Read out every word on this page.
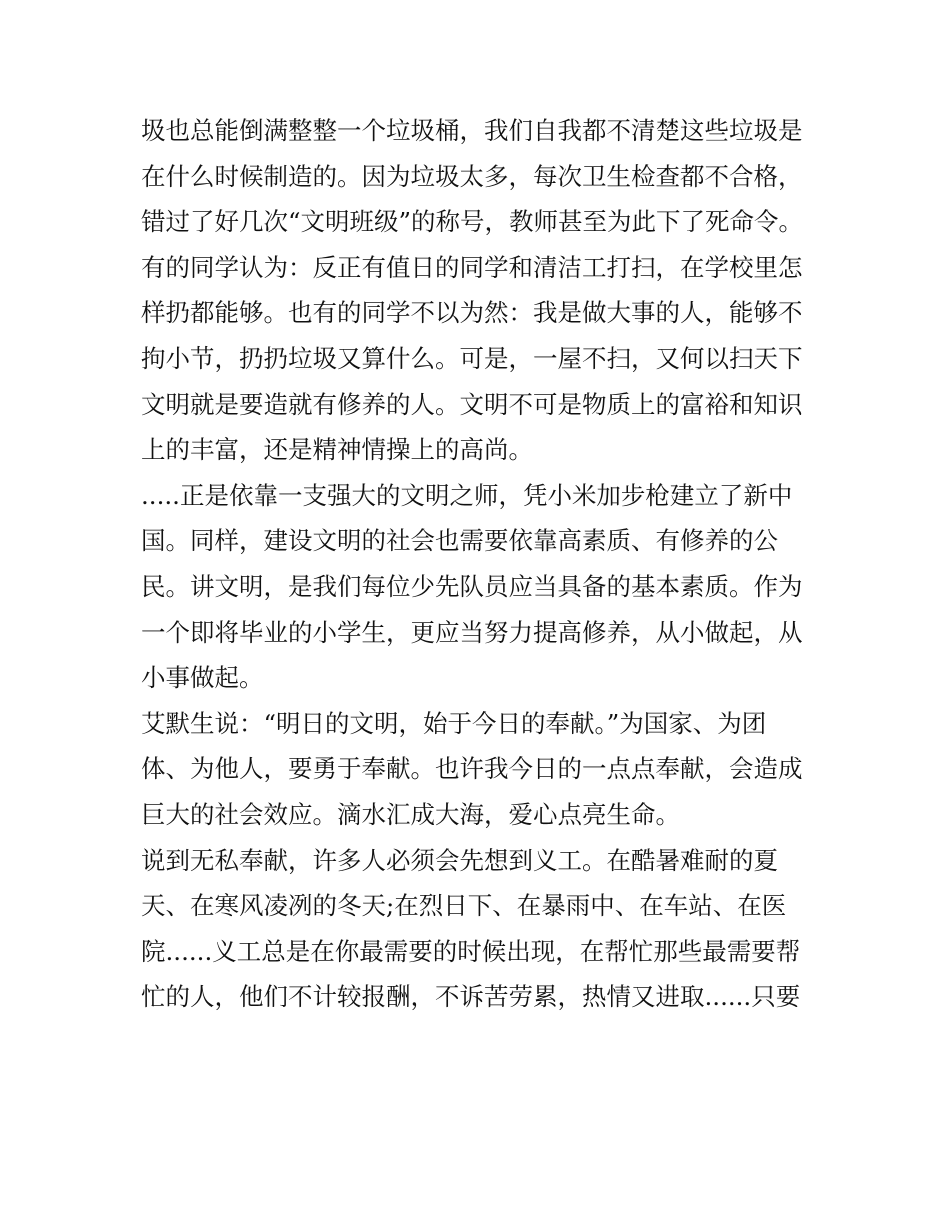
圾也总能倒满整整一个垃圾桶，我们自我都不清楚这些垃圾是
在什么时候制造的。因为垃圾太多，每次卫生检查都不合格，
错过了好几次“文明班级”的称号，教师甚至为此下了死命令。
有的同学认为：反正有值日的同学和清洁工打扫，在学校里怎
样扔都能够。也有的同学不以为然：我是做大事的人，能够不
拘小节，扔扔垃圾又算什么。可是，一屋不扫，又何以扫天下
文明就是要造就有修养的人。文明不可是物质上的富裕和知识
上的丰富，还是精神情操上的高尚。
.....正是依靠一支强大的文明之师，凭小米加步枪建立了新中
国。同样，建设文明的社会也需要依靠高素质、有修养的公
民。讲文明，是我们每位少先队员应当具备的基本素质。作为
一个即将毕业的小学生，更应当努力提高修养，从小做起，从
小事做起。
艾默生说：“明日的文明，始于今日的奉献。”为国家、为团
体、为他人，要勇于奉献。也许我今日的一点点奉献，会造成
巨大的社会效应。滴水汇成大海，爱心点亮生命。
说到无私奉献，许多人必须会先想到义工。在酷暑难耐的夏
天、在寒风凌冽的冬天;在烈日下、在暴雨中、在车站、在医
院......义工总是在你最需要的时候出现，在帮忙那些最需要帮
忙的人，他们不计较报酬，不诉苦劳累，热情又进取......只要
